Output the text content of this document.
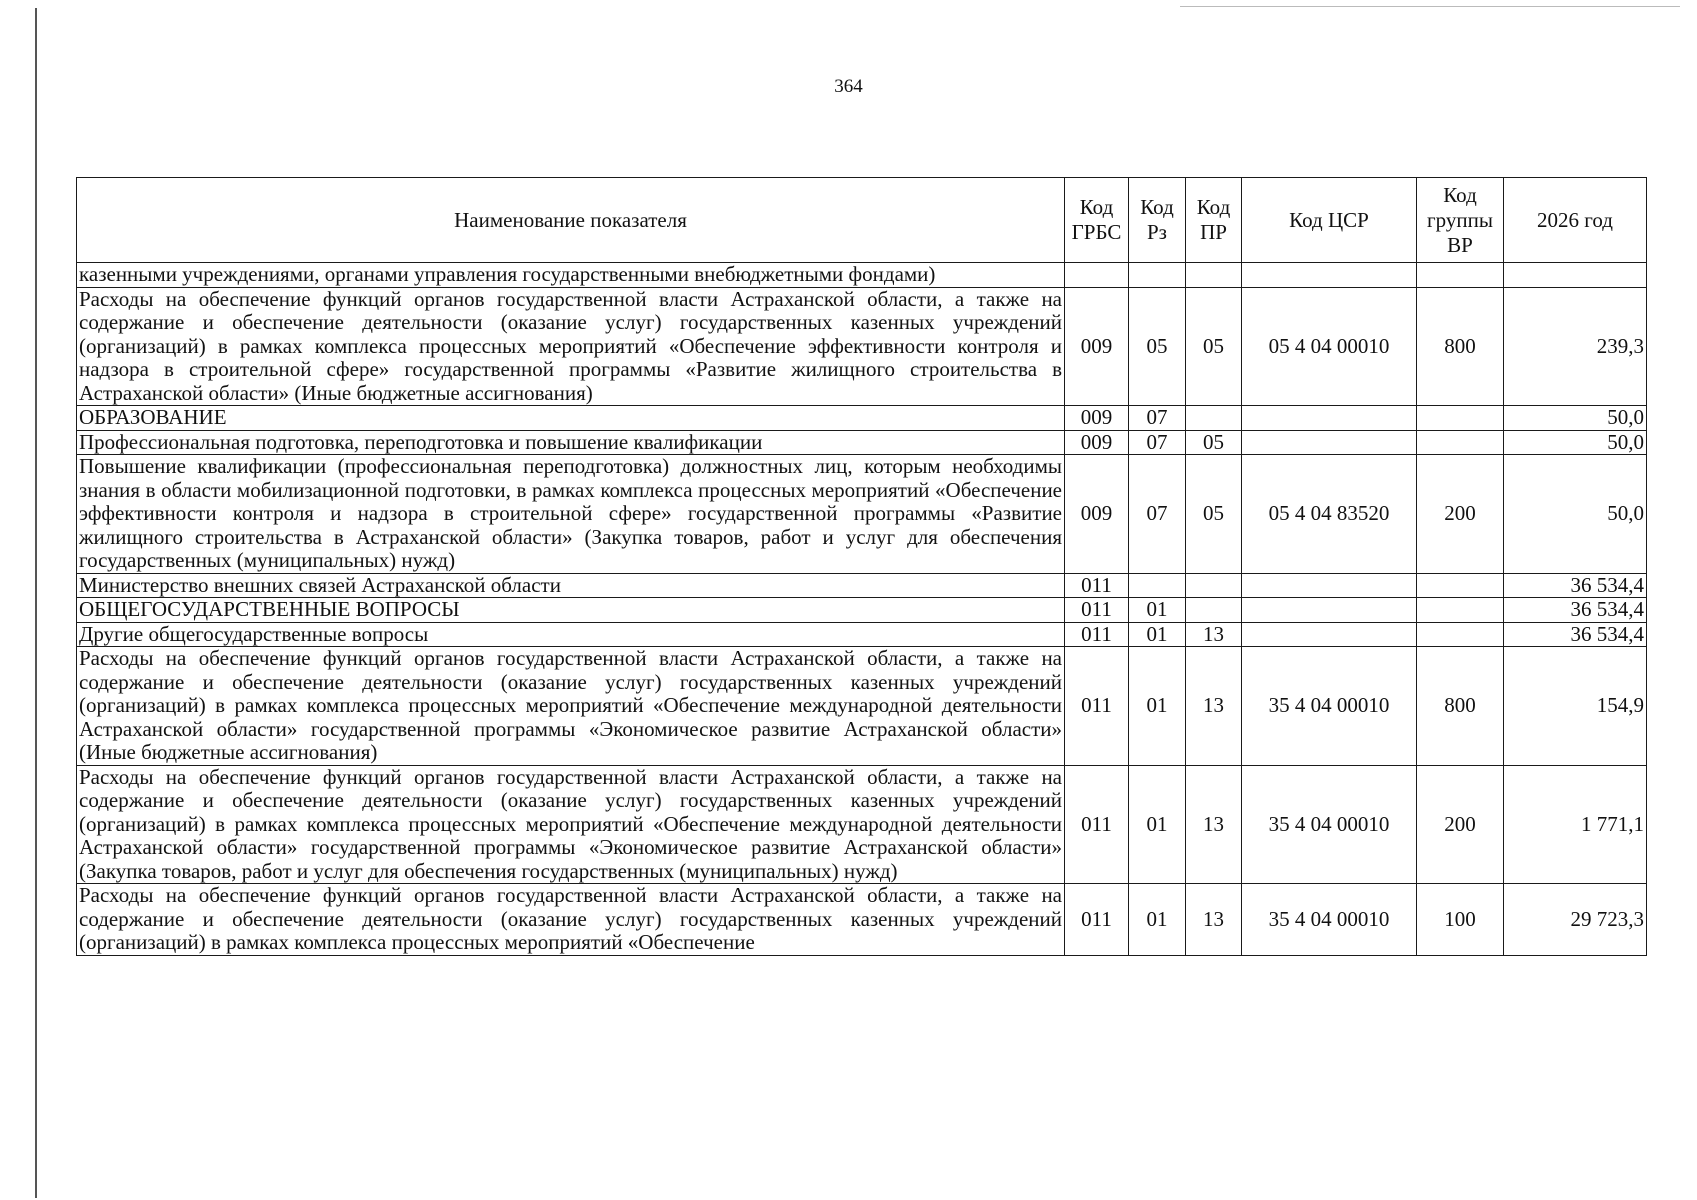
364
Наименование показателя	Код ГРБС	Код Рз	Код ПР	Код ЦСР	Код группы ВР	2026 год
казенными учреждениями, органами управления государственными внебюджетными фондами)						
Расходы на обеспечение функций органов государственной власти Астраханской области, а также на содержание и обеспечение деятельности (оказание услуг) государственных казенных учреждений (организаций) в рамках комплекса процессных мероприятий «Обеспечение эффективности контроля и надзора в строительной сфере» государственной программы «Развитие жилищного строительства в Астраханской области» (Иные бюджетные ассигнования)	009	05	05	05 4 04 00010	800	239,3
ОБРАЗОВАНИЕ	009	07				50,0
Профессиональная подготовка, переподготовка и повышение квалификации	009	07	05			50,0
Повышение квалификации (профессиональная переподготовка) должностных лиц, которым необходимы знания в области мобилизационной подготовки, в рамках комплекса процессных мероприятий «Обеспечение эффективности контроля и надзора в строительной сфере» государственной программы «Развитие жилищного строительства в Астраханской области» (Закупка товаров, работ и услуг для обеспечения государственных (муниципальных) нужд)	009	07	05	05 4 04 83520	200	50,0
Министерство внешних связей Астраханской области	011					36 534,4
ОБЩЕГОСУДАРСТВЕННЫЕ ВОПРОСЫ	011	01				36 534,4
Другие общегосударственные вопросы	011	01	13			36 534,4
Расходы на обеспечение функций органов государственной власти Астраханской области, а также на содержание и обеспечение деятельности (оказание услуг) государственных казенных учреждений (организаций) в рамках комплекса процессных мероприятий «Обеспечение международной деятельности Астраханской области» государственной программы «Экономическое развитие Астраханской области» (Иные бюджетные ассигнования)	011	01	13	35 4 04 00010	800	154,9
Расходы на обеспечение функций органов государственной власти Астраханской области, а также на содержание и обеспечение деятельности (оказание услуг) государственных казенных учреждений (организаций) в рамках комплекса процессных мероприятий «Обеспечение международной деятельности Астраханской области» государственной программы «Экономическое развитие Астраханской области» (Закупка товаров, работ и услуг для обеспечения государственных (муниципальных) нужд)	011	01	13	35 4 04 00010	200	1 771,1
Расходы на обеспечение функций органов государственной власти Астраханской области, а также на содержание и обеспечение деятельности (оказание услуг) государственных казенных учреждений (организаций) в рамках комплекса процессных мероприятий «Обеспечение	011	01	13	35 4 04 00010	100	29 723,3
